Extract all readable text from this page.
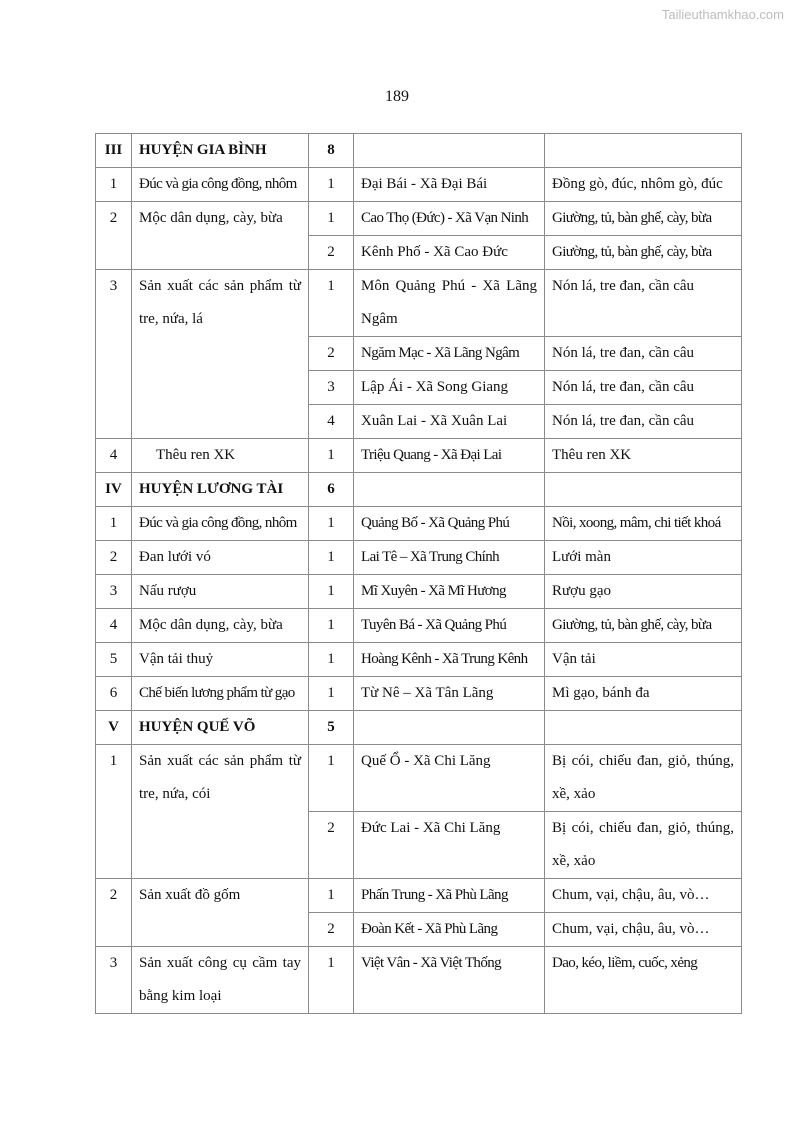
Tailieuthamkhao.com
189
III	HUYỆN GIA BÌNH	8		
1	Đúc và gia công đồng, nhôm	1	Đại Bái - Xã Đại Bái	Đồng gò, đúc, nhôm gò, đúc
2	Mộc dân dụng, cày, bừa	1	Cao Thọ (Đức) - Xã Vạn Ninh	Giường, tủ, bàn ghế, cày, bừa
		2	Kênh Phố - Xã Cao Đức	Giường, tủ, bàn ghế, cày, bừa
3	Sản xuất các sản phẩm từ tre, nứa, lá	1	Môn Quảng Phú - Xã Lãng Ngâm	Nón lá, tre đan, cần câu
		2	Ngăm Mạc - Xã Lãng Ngâm	Nón lá, tre đan, cần câu
		3	Lập Ái - Xã Song Giang	Nón lá, tre đan, cần câu
		4	Xuân Lai - Xã Xuân Lai	Nón lá, tre đan, cần câu
4	Thêu ren XK	1	Triệu Quang - Xã Đại Lai	Thêu ren XK
IV	HUYỆN LƯƠNG TÀI	6		
1	Đúc và gia công đồng, nhôm	1	Quảng Bố - Xã Quảng Phú	Nồi, xoong, mâm, chi tiết khoá
2	Đan lưới vó	1	Lai Tê – Xã Trung Chính	Lưới màn
3	Nấu rượu	1	Mĩ Xuyên - Xã Mĩ Hương	Rượu gạo
4	Mộc dân dụng, cày, bừa	1	Tuyên Bá - Xã Quảng Phú	Giường, tủ, bàn ghế, cày, bừa
5	Vận tải thuỷ	1	Hoàng Kênh - Xã Trung Kênh	Vận tải
6	Chế biến lương phẩm từ gạo	1	Từ Nê – Xã Tân Lãng	Mì gạo, bánh đa
V	HUYỆN QUẾ VÕ	5		
1	Sản xuất các sản phẩm từ tre, nứa, cói	1	Quế Ổ - Xã Chi Lăng	Bị cói, chiếu đan, giỏ, thúng, xề, xảo
		2	Đức Lai - Xã Chi Lăng	Bị cói, chiếu đan, giỏ, thúng, xề, xảo
2	Sản xuất đồ gốm	1	Phấn Trung - Xã Phù Lãng	Chum, vại, chậu, âu, vò…
		2	Đoàn Kết - Xã Phù Lãng	Chum, vại, chậu, âu, vò…
3	Sản xuất công cụ cầm tay bằng kim loại	1	Việt Vân - Xã Việt Thống	Dao, kéo, liềm, cuốc, xẻng
